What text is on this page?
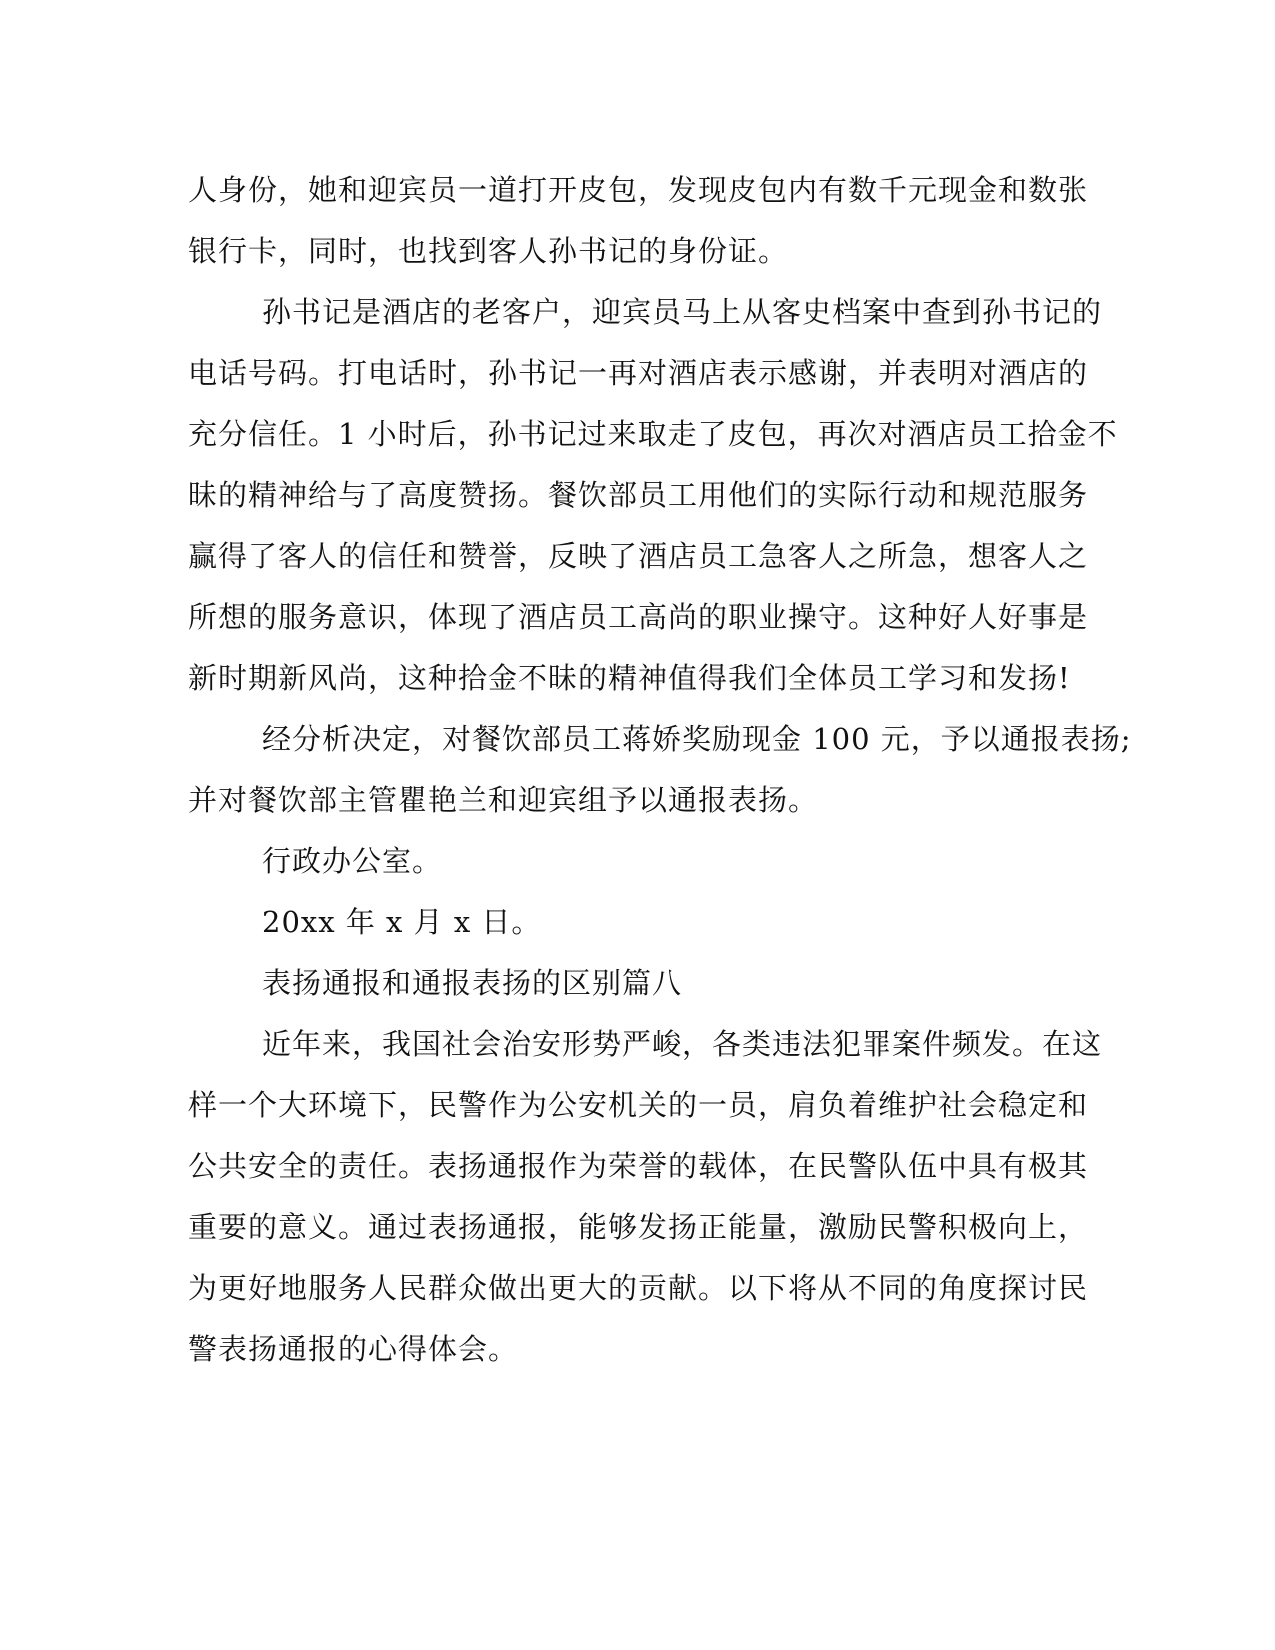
人身份，她和迎宾员一道打开皮包，发现皮包内有数千元现金和数张
银行卡，同时，也找到客人孙书记的身份证。
孙书记是酒店的老客户，迎宾员马上从客史档案中查到孙书记的
电话号码。打电话时，孙书记一再对酒店表示感谢，并表明对酒店的
充分信任。1 小时后，孙书记过来取走了皮包，再次对酒店员工拾金不
昧的精神给与了高度赞扬。餐饮部员工用他们的实际行动和规范服务
赢得了客人的信任和赞誉，反映了酒店员工急客人之所急，想客人之
所想的服务意识，体现了酒店员工高尚的职业操守。这种好人好事是
新时期新风尚，这种拾金不昧的精神值得我们全体员工学习和发扬!
经分析决定，对餐饮部员工蒋娇奖励现金 100 元，予以通报表扬;
并对餐饮部主管瞿艳兰和迎宾组予以通报表扬。
行政办公室。
20xx 年 x 月 x 日。
表扬通报和通报表扬的区别篇八
近年来，我国社会治安形势严峻，各类违法犯罪案件频发。在这
样一个大环境下，民警作为公安机关的一员，肩负着维护社会稳定和
公共安全的责任。表扬通报作为荣誉的载体，在民警队伍中具有极其
重要的意义。通过表扬通报，能够发扬正能量，激励民警积极向上，
为更好地服务人民群众做出更大的贡献。以下将从不同的角度探讨民
警表扬通报的心得体会。
